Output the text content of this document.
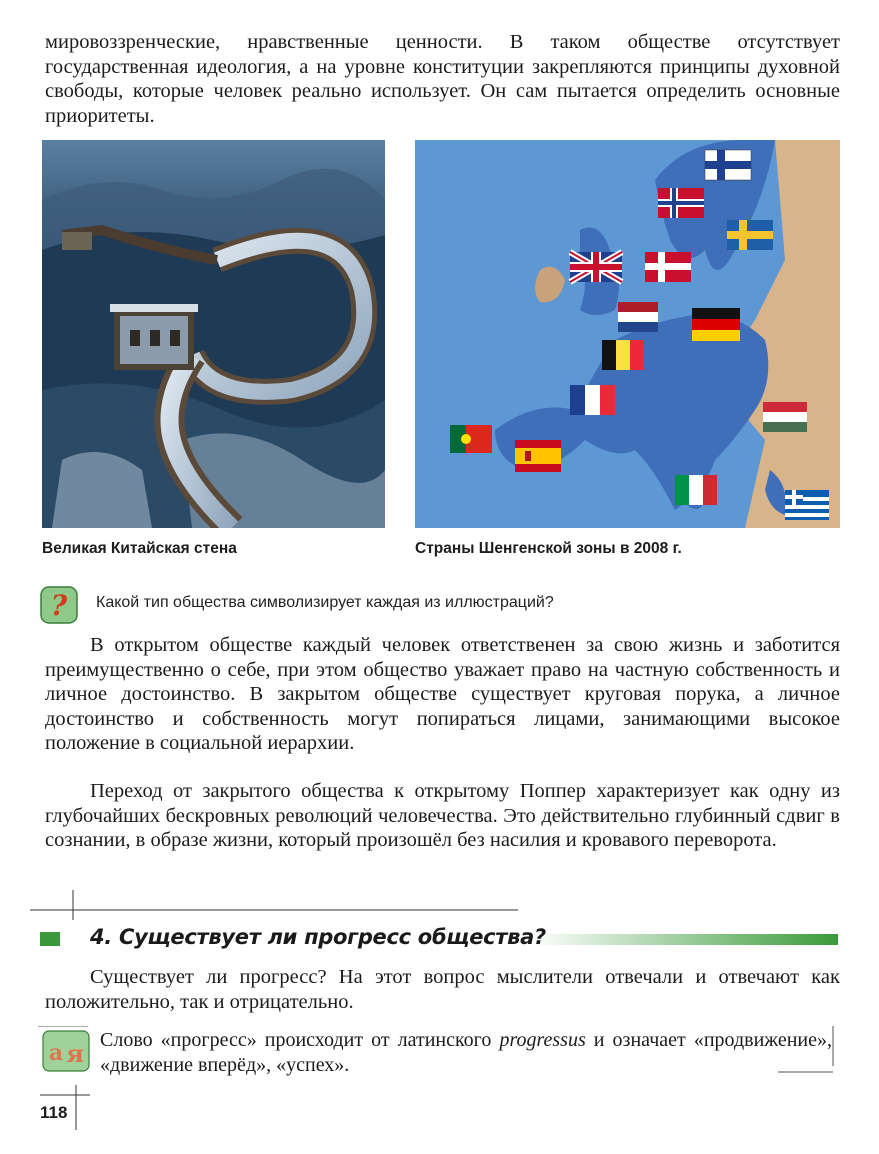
мировоззренческие, нравственные ценности. В таком обществе отсутствует государственная идеология, а на уровне конституции закрепляются принципы духовной свободы, которые человек реально использует. Он сам пытается определить основные приоритеты.

Великая Китайская стена	Страны Шенгенской зоны в 2008 г.
? Какой тип общества символизирует каждая из иллюстраций?

В открытом обществе каждый человек ответственен за свою жизнь и заботится преимущественно о себе, при этом общество уважает право на частную собственность и личное достоинство. В закрытом обществе существует круговая порука, а личное достоинство и собственность могут попираться лицами, занимающими высокое положение в социальной иерархии.

Переход от закрытого общества к открытому Поппер характеризует как одну из глубочайших бескровных революций человечества. Это действительно глубинный сдвиг в сознании, в образе жизни, который произошёл без насилия и кровавого переворота.

4. Существует ли прогресс общества?

Существует ли прогресс? На этот вопрос мыслители отвечали и отвечают как положительно, так и отрицательно.

а я Слово «прогресс» происходит от латинского progressus и означает «продвижение», «движение вперёд», «успех».

118
